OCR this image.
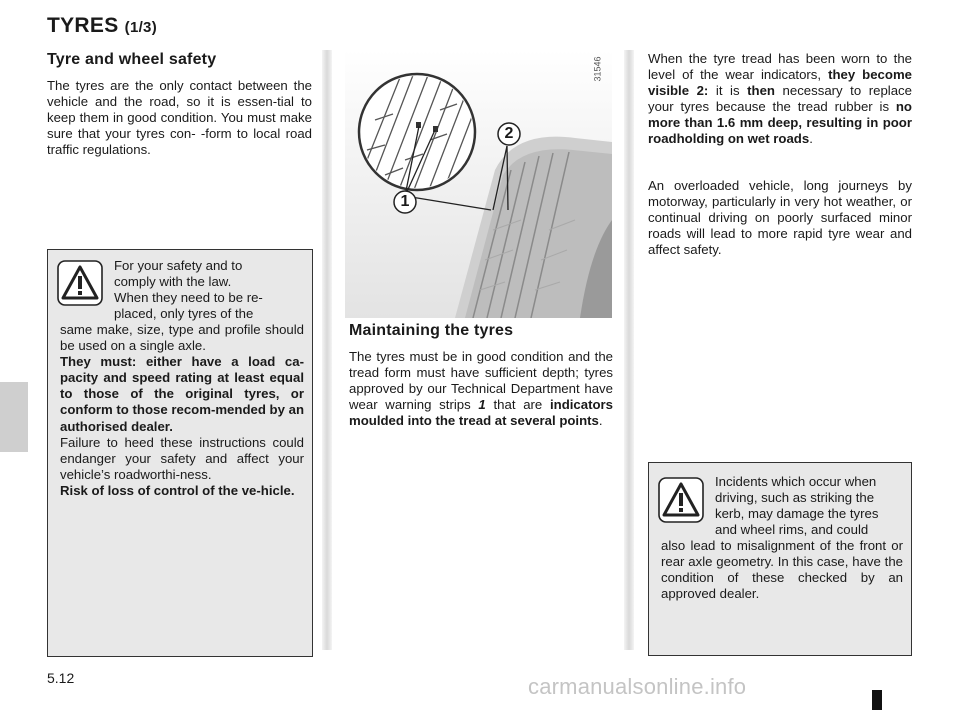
TYRES (1/3)
Tyre and wheel safety
The tyres are the only contact between the vehicle and the road, so it is essen-tial to keep them in good condition. You must make sure that your tyres con- -form to local road traffic regulations.
For your safety and to
comply with the law.
When they need to be re-
placed, only tyres of the
same make, size, type and profile should be used on a single axle.
They must: either have a load ca-pacity and speed rating at least equal to those of the original tyres, or conform to those recom-mended by an authorised dealer.
Failure to heed these instructions could endanger your safety and affect your vehicle’s roadworthi-ness.
Risk of loss of control of the ve-hicle.
1
2
31546
Maintaining the tyres
The tyres must be in good condition and the tread form must have sufficient depth; tyres approved by our Technical Department have wear warning strips 1 that are indicators moulded into the tread at several points.
When the tyre tread has been worn to the level of the wear indicators, they become visible 2: it is then necessary to replace your tyres because the tread rubber is no more than 1.6 mm deep, resulting in poor roadholding on wet roads.
An overloaded vehicle, long journeys by motorway, particularly in very hot weather, or continual driving on poorly surfaced minor roads will lead to more rapid tyre wear and affect safety.
Incidents which occur when
driving, such as striking the
kerb, may damage the tyres
and wheel rims, and could
also lead to misalignment of the front or rear axle geometry. In this case, have the condition of these checked by an approved dealer.
5.12	carmanualsonline.info
